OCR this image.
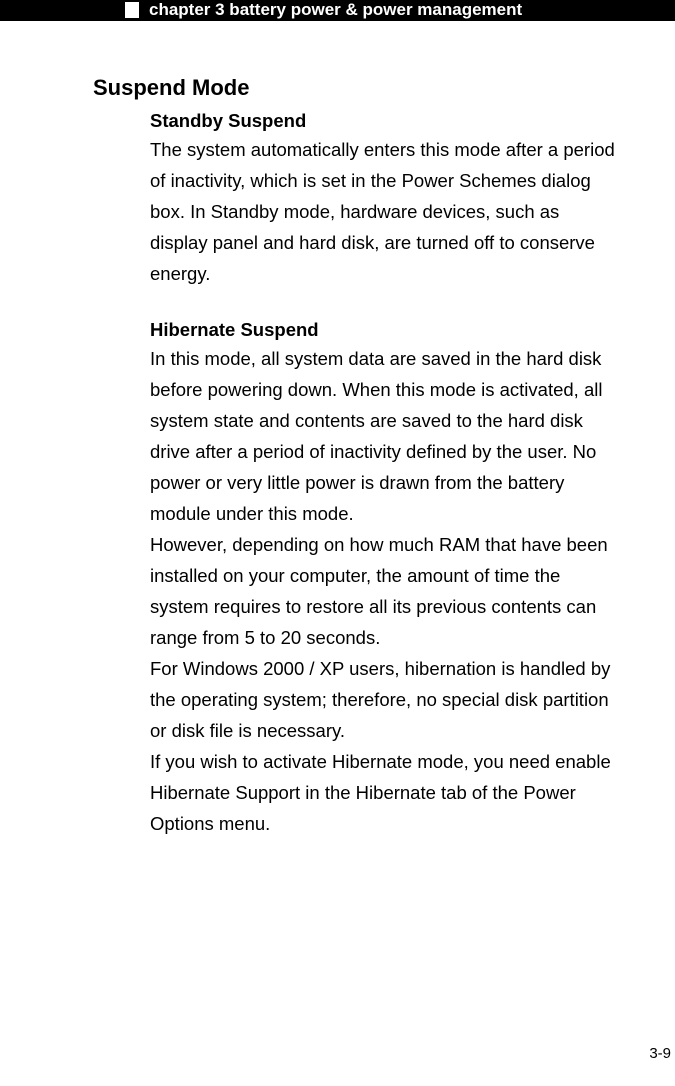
chapter 3 battery power & power management
Suspend Mode

Standby Suspend

The system automatically enters this mode after a period
of inactivity, which is set in the Power Schemes dialog
box. In Standby mode, hardware devices, such as
display panel and hard disk, are turned off to conserve
energy.

Hibernate Suspend

In this mode, all system data are saved in the hard disk
before powering down. When this mode is activated, all
system state and contents are saved to the hard disk
drive after a period of inactivity defined by the user. No
power or very little power is drawn from the battery
module under this mode.

However, depending on how much RAM that have been
installed on your computer, the amount of time the
system requires to restore all its previous contents can
range from 5 to 20 seconds.

For Windows 2000 / XP users, hibernation is handled by
the operating system; therefore, no special disk partition
or disk file is necessary.

If you wish to activate Hibernate mode, you need enable
Hibernate Support in the Hibernate tab of the Power
Options menu.

3-9
